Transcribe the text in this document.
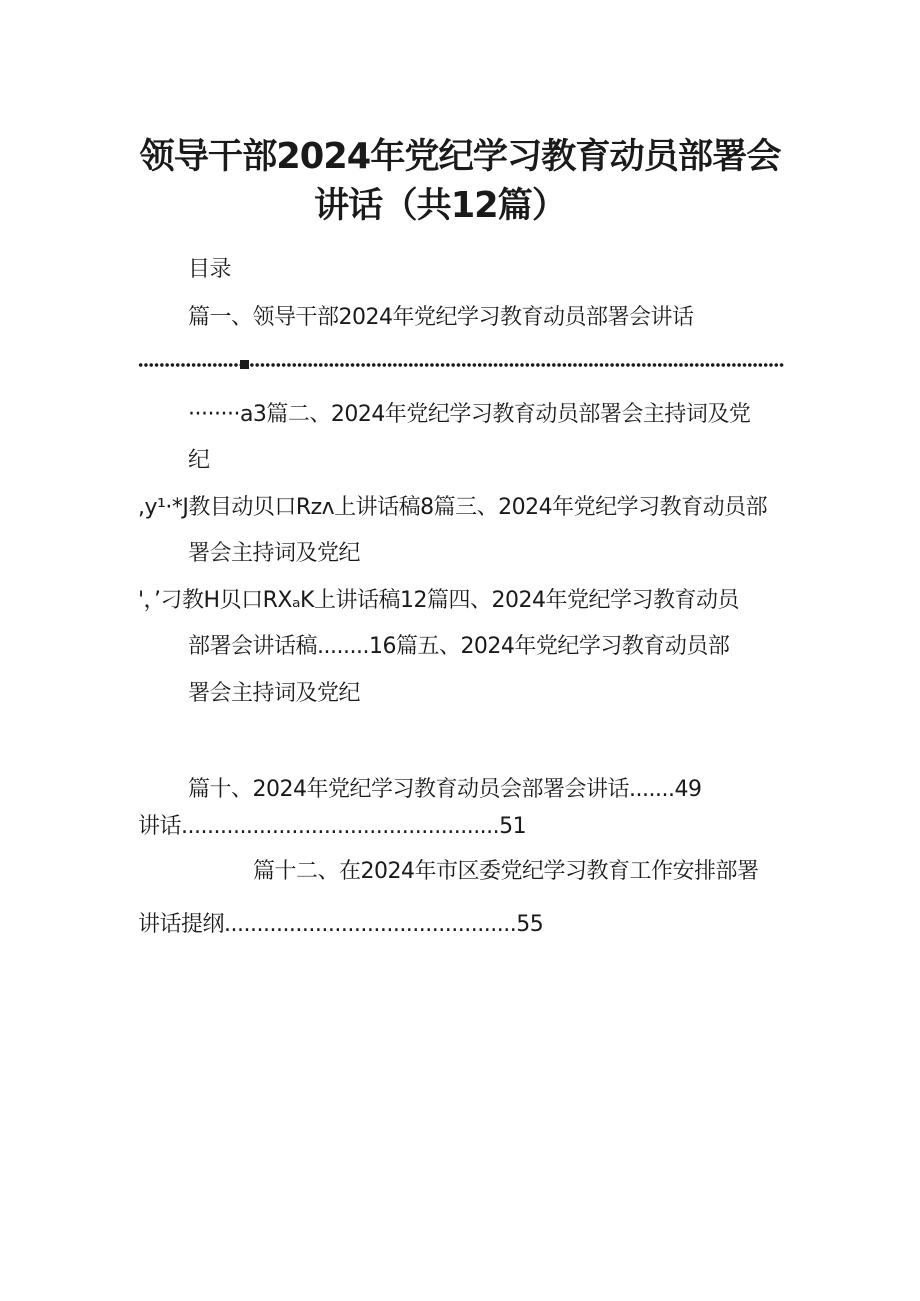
领导干部2024年党纪学习教育动员部署会
讲话（共12篇）
目录
篇一、领导干部2024年党纪学习教育动员部署会讲话
········a3篇二、2024年党纪学习教育动员部署会主持词及党
纪
,y¹·*J教目动贝口Rᴢᴧ上讲话稿8篇三、2024年党纪学习教育动员部
署会主持词及党纪
'，’刁教H贝口RXₐK上讲话稿12篇四、2024年党纪学习教育动员
部署会讲话稿........16篇五、2024年党纪学习教育动员部
署会主持词及党纪
篇十、2024年党纪学习教育动员会部署会讲话.......49
讲话.................................................51
篇十二、在2024年市区委党纪学习教育工作安排部署
讲话提纲.............................................55
